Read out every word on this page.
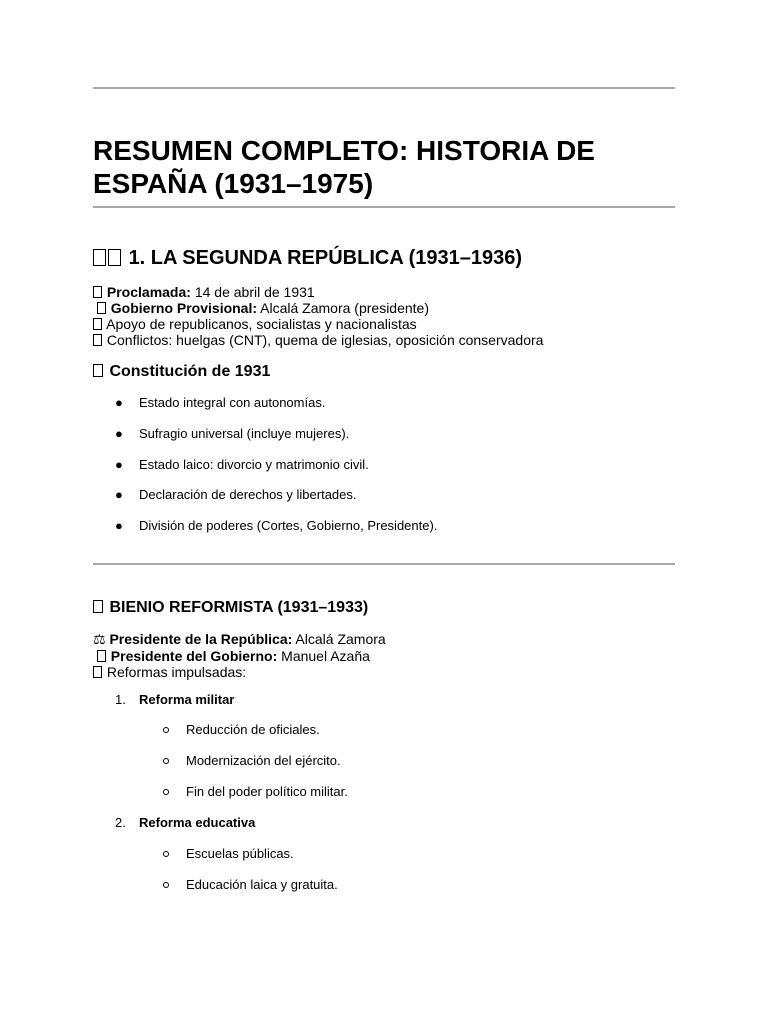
RESUMEN COMPLETO: HISTORIA DE ESPAÑA (1931–1975)
1. LA SEGUNDA REPÚBLICA (1931–1936)
Proclamada: 14 de abril de 1931
Gobierno Provisional: Alcalá Zamora (presidente)
Apoyo de republicanos, socialistas y nacionalistas
Conflictos: huelgas (CNT), quema de iglesias, oposición conservadora
Constitución de 1931
● Estado integral con autonomías.
● Sufragio universal (incluye mujeres).
● Estado laico: divorcio y matrimonio civil.
● Declaración de derechos y libertades.
● División de poderes (Cortes, Gobierno, Presidente).
BIENIO REFORMISTA (1931–1933)
⚖ Presidente de la República: Alcalá Zamora
Presidente del Gobierno: Manuel Azaña
Reformas impulsadas:
1. Reforma militar
Reducción de oficiales.
Modernización del ejército.
Fin del poder político militar.
2. Reforma educativa
Escuelas públicas.
Educación laica y gratuita.
